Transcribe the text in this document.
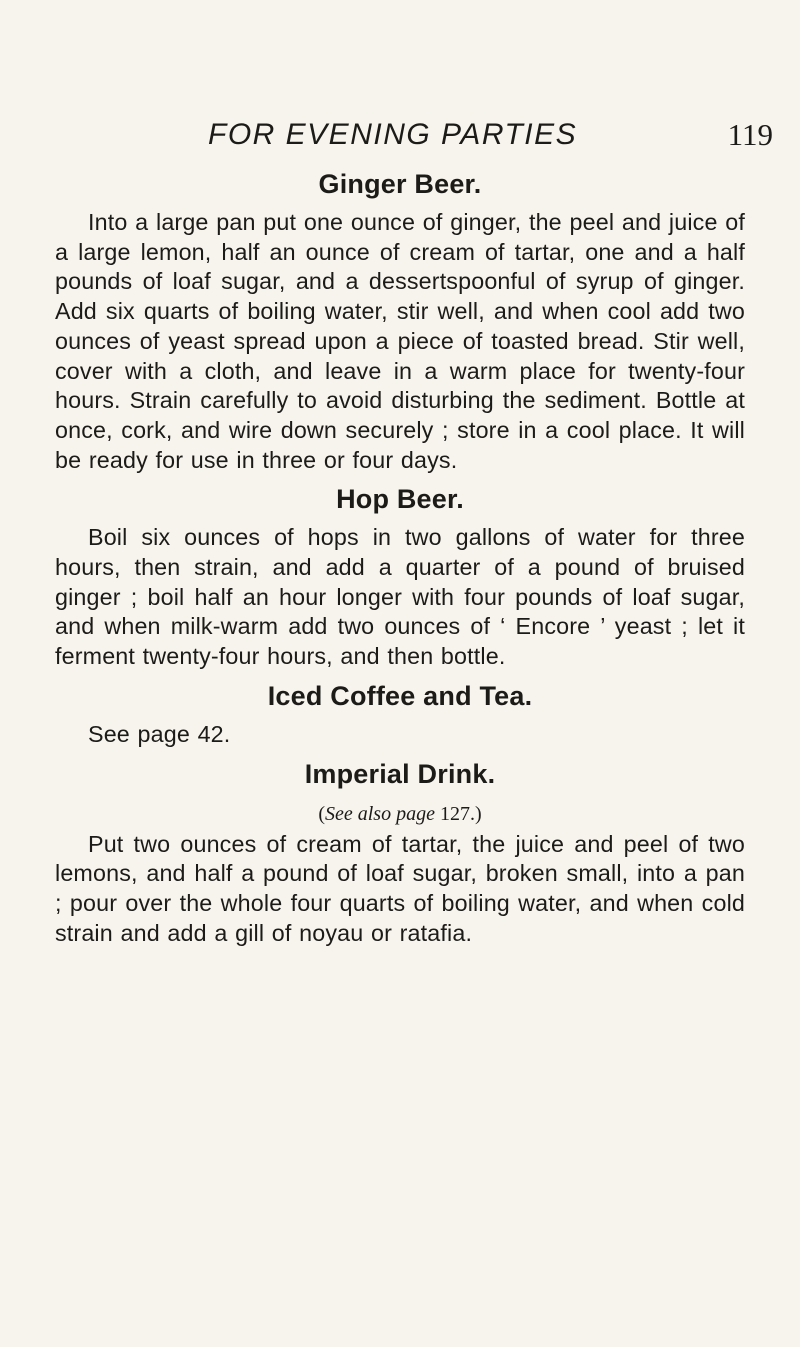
FOR EVENING PARTIES	119
Ginger Beer.

Into a large pan put one ounce of ginger, the peel and juice of a large lemon, half an ounce of cream of tartar, one and a half pounds of loaf sugar, and a dessertspoonful of syrup of ginger. Add six quarts of boiling water, stir well, and when cool add two ounces of yeast spread upon a piece of toasted bread. Stir well, cover with a cloth, and leave in a warm place for twenty-four hours. Strain carefully to avoid disturbing the sediment. Bottle at once, cork, and wire down securely ; store in a cool place. It will be ready for use in three or four days.

Hop Beer.

Boil six ounces of hops in two gallons of water for three hours, then strain, and add a quarter of a pound of bruised ginger ; boil half an hour longer with four pounds of loaf sugar, and when milk-warm add two ounces of ‘ Encore ’ yeast ; let it ferment twenty-four hours, and then bottle.

Iced Coffee and Tea.

See page 42.

Imperial Drink.

(See also page 127.)

Put two ounces of cream of tartar, the juice and peel of two lemons, and half a pound of loaf sugar, broken small, into a pan ; pour over the whole four quarts of boiling water, and when cold strain and add a gill of noyau or ratafia.
